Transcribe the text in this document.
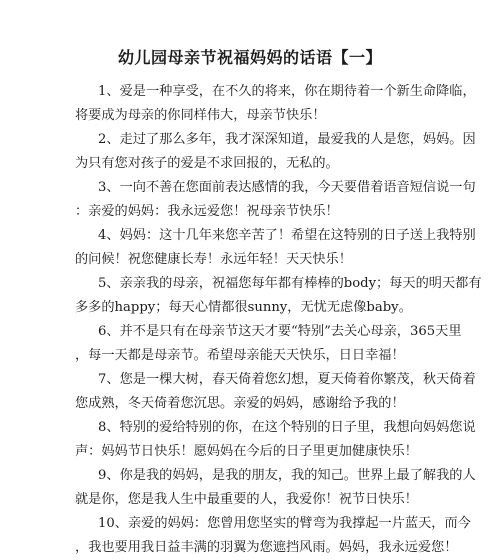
幼儿园母亲节祝福妈妈的话语【一】
1、爱是一种享受，在不久的将来，你在期待着一个新生命降临，
将要成为母亲的你同样伟大，母亲节快乐！
2、走过了那么多年，我才深深知道，最爱我的人是您，妈妈。因
为只有您对孩子的爱是不求回报的，无私的。
3、一向不善在您面前表达感情的我，今天要借着语音短信说一句
：亲爱的妈妈：我永远爱您！祝母亲节快乐！
4、妈妈：这十几年来您辛苦了！希望在这特别的日子送上我特别
的问候！祝您健康长寿！永远年轻！天天快乐！
5、亲亲我的母亲，祝福您每年都有棒棒的body；每天的明天都有
多多的happy；每天心情都很sunny，无忧无虑像baby。
6、并不是只有在母亲节这天才要“特别”去关心母亲，365天里
，每一天都是母亲节。希望母亲能天天快乐，日日幸福！
7、您是一棵大树，春天倚着您幻想，夏天倚着你繁茂，秋天倚着
您成熟，冬天倚着您沉思。亲爱的妈妈，感谢给予我的！
8、特别的爱给特别的你，在这个特别的日子里，我想向妈妈您说
声：妈妈节日快乐！愿妈妈在今后的日子里更加健康快乐！
9、你是我的妈妈，是我的朋友，我的知己。世界上最了解我的人
就是你，您是我人生中最重要的人，我爱你！祝节日快乐！
10、亲爱的妈妈：您曾用您坚实的臂弯为我撑起一片蓝天，而今
，我也要用我日益丰满的羽翼为您遮挡风雨。妈妈，我永远爱您！
